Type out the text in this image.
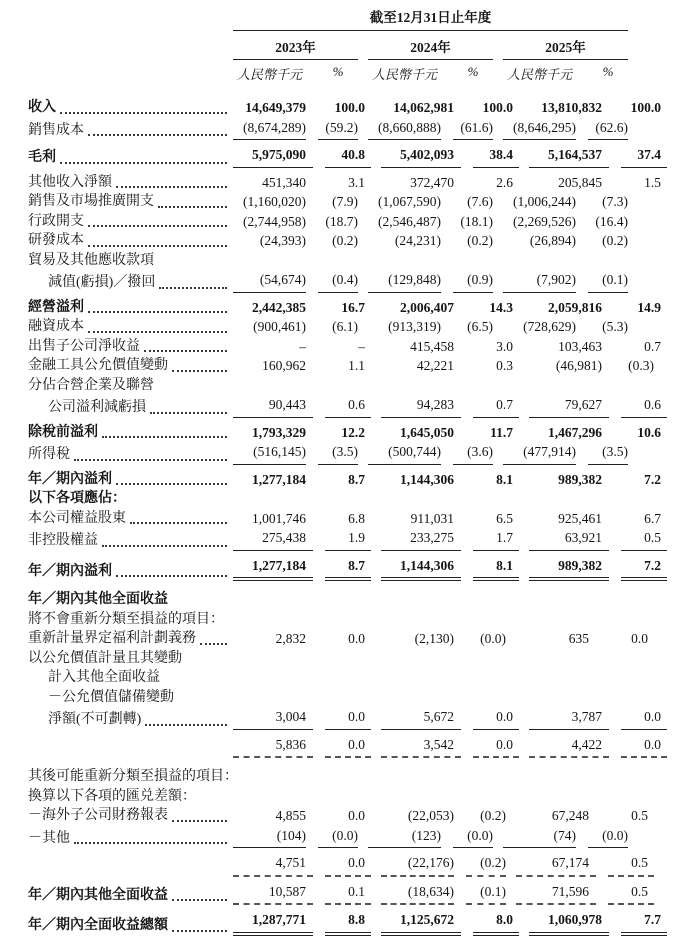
截至12月31日止年度
2023年	2024年	2025年
人民幣千元	%	人民幣千元	%	人民幣千元	%
收入	14,649,379	100.0	14,062,981	100.0	13,810,832	100.0
銷售成本	(8,674,289)	(59.2)	(8,660,888)	(61.6)	(8,646,295)	(62.6)
毛利	5,975,090	40.8	5,402,093	38.4	5,164,537	37.4
其他收入淨額	451,340	3.1	372,470	2.6	205,845	1.5
銷售及市場推廣開支	(1,160,020)	(7.9)	(1,067,590)	(7.6)	(1,006,244)	(7.3)
行政開支	(2,744,958)	(18.7)	(2,546,487)	(18.1)	(2,269,526)	(16.4)
研發成本	(24,393)	(0.2)	(24,231)	(0.2)	(26,894)	(0.2)
貿易及其他應收款項
減值(虧損)／撥回	(54,674)	(0.4)	(129,848)	(0.9)	(7,902)	(0.1)
經營溢利	2,442,385	16.7	2,006,407	14.3	2,059,816	14.9
融資成本	(900,461)	(6.1)	(913,319)	(6.5)	(728,629)	(5.3)
出售子公司淨收益	–	–	415,458	3.0	103,463	0.7
金融工具公允價值變動	160,962	1.1	42,221	0.3	(46,981)	(0.3)
分佔合營企業及聯營
公司溢利減虧損	90,443	0.6	94,283	0.7	79,627	0.6
除稅前溢利	1,793,329	12.2	1,645,050	11.7	1,467,296	10.6
所得稅	(516,145)	(3.5)	(500,744)	(3.6)	(477,914)	(3.5)
年／期內溢利	1,277,184	8.7	1,144,306	8.1	989,382	7.2
以下各項應佔：
本公司權益股東	1,001,746	6.8	911,031	6.5	925,461	6.7
非控股權益	275,438	1.9	233,275	1.7	63,921	0.5
年／期內溢利	1,277,184	8.7	1,144,306	8.1	989,382	7.2
年／期內其他全面收益
將不會重新分類至損益的項目：
重新計量界定福利計劃義務	2,832	0.0	(2,130)	(0.0)	635	0.0
以公允價值計量且其變動
計入其他全面收益
－公允價值儲備變動
淨額(不可劃轉)	3,004	0.0	5,672	0.0	3,787	0.0
5,836	0.0	3,542	0.0	4,422	0.0
其後可能重新分類至損益的項目：
換算以下各項的匯兑差額：
－海外子公司財務報表	4,855	0.0	(22,053)	(0.2)	67,248	0.5
－其他	(104)	(0.0)	(123)	(0.0)	(74)	(0.0)
4,751	0.0	(22,176)	(0.2)	67,174	0.5
年／期內其他全面收益	10,587	0.1	(18,634)	(0.1)	71,596	0.5
年／期內全面收益總額	1,287,771	8.8	1,125,672	8.0	1,060,978	7.7
